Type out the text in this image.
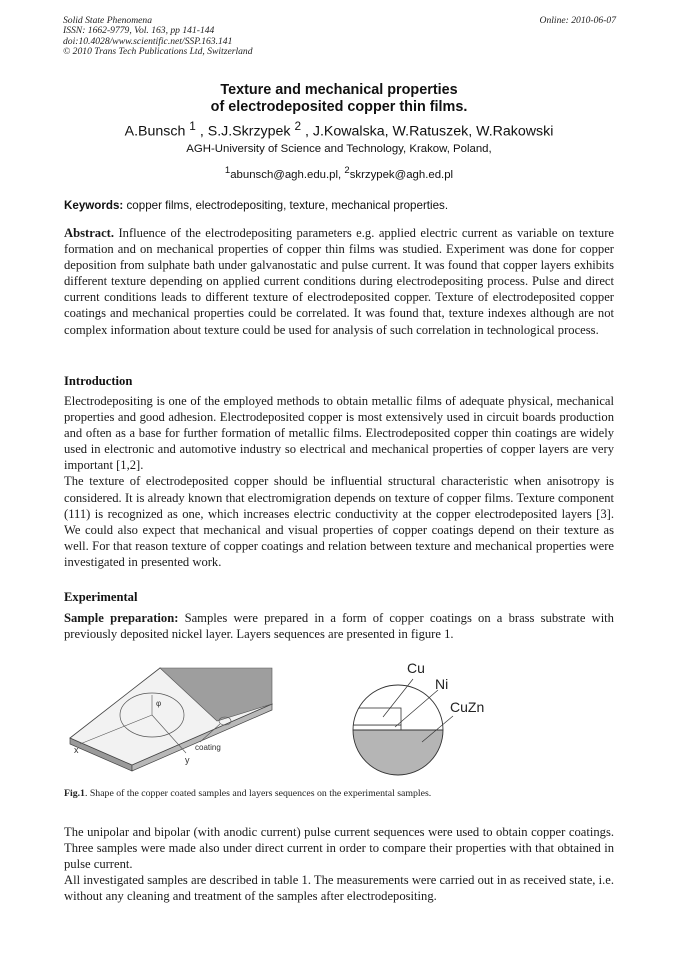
Solid State Phenomena
ISSN: 1662-9779, Vol. 163, pp 141-144
doi:10.4028/www.scientific.net/SSP.163.141
© 2010 Trans Tech Publications Ltd, Switzerland
Online: 2010-06-07
Texture and mechanical properties
of electrodeposited copper thin films.
A.Bunsch $^1$ , S.J.Skrzypek $^2$ , J.Kowalska, W.Ratuszek, W.Rakowski
AGH-University of Science and Technology, Krakow, Poland,
$^1$abunsch@agh.edu.pl, $^2$skrzypek@agh.ed.pl
Keywords: copper films, electrodepositing, texture, mechanical properties.
Abstract. Influence of the electrodepositing parameters e.g. applied electric current as variable on texture formation and on mechanical properties of copper thin films was studied. Experiment was done for copper deposition from sulphate bath under galvanostatic and pulse current. It was found that copper layers exhibits different texture depending on applied current conditions during electrodepositing process. Pulse and direct current conditions leads to different texture of electrodeposited copper. Texture of electrodeposited copper coatings and mechanical properties could be correlated. It was found that, texture indexes although are not complex information about texture could be used for analysis of such correlation in technological process.
Introduction
Electrodepositing is one of the employed methods to obtain metallic films of adequate physical, mechanical properties and good adhesion. Electrodeposited copper is most extensively used in circuit boards production and often as a base for further formation of metallic films. Electrodeposited copper thin coatings are widely used in electronic and automotive industry so electrical and mechanical properties of copper layers are very important [1,2].
The texture of electrodeposited copper should be influential structural characteristic when anisotropy is considered. It is already known that electromigration depends on texture of copper films. Texture component (111) is recognized as one, which increases electric conductivity at the copper electrodeposited layers [3]. We could also expect that mechanical and visual properties of copper coatings depend on their texture as well. For that reason texture of copper coatings and relation between texture and mechanical properties were investigated in presented work.
Experimental
Sample preparation: Samples were prepared in a form of copper coatings on a brass substrate with previously deposited nickel layer. Layers sequences are presented in figure 1.
φ
x
y
coating
Cu
Ni
CuZn
Fig.1. Shape of the copper coated samples and layers sequences on the experimental samples.
The unipolar and bipolar (with anodic current) pulse current sequences were used to obtain copper coatings. Three samples were made also under direct current in order to compare their properties with that obtained in pulse current.
All investigated samples are described in table 1. The measurements were carried out in as received state, i.e. without any cleaning and treatment of the samples after electrodepositing.
